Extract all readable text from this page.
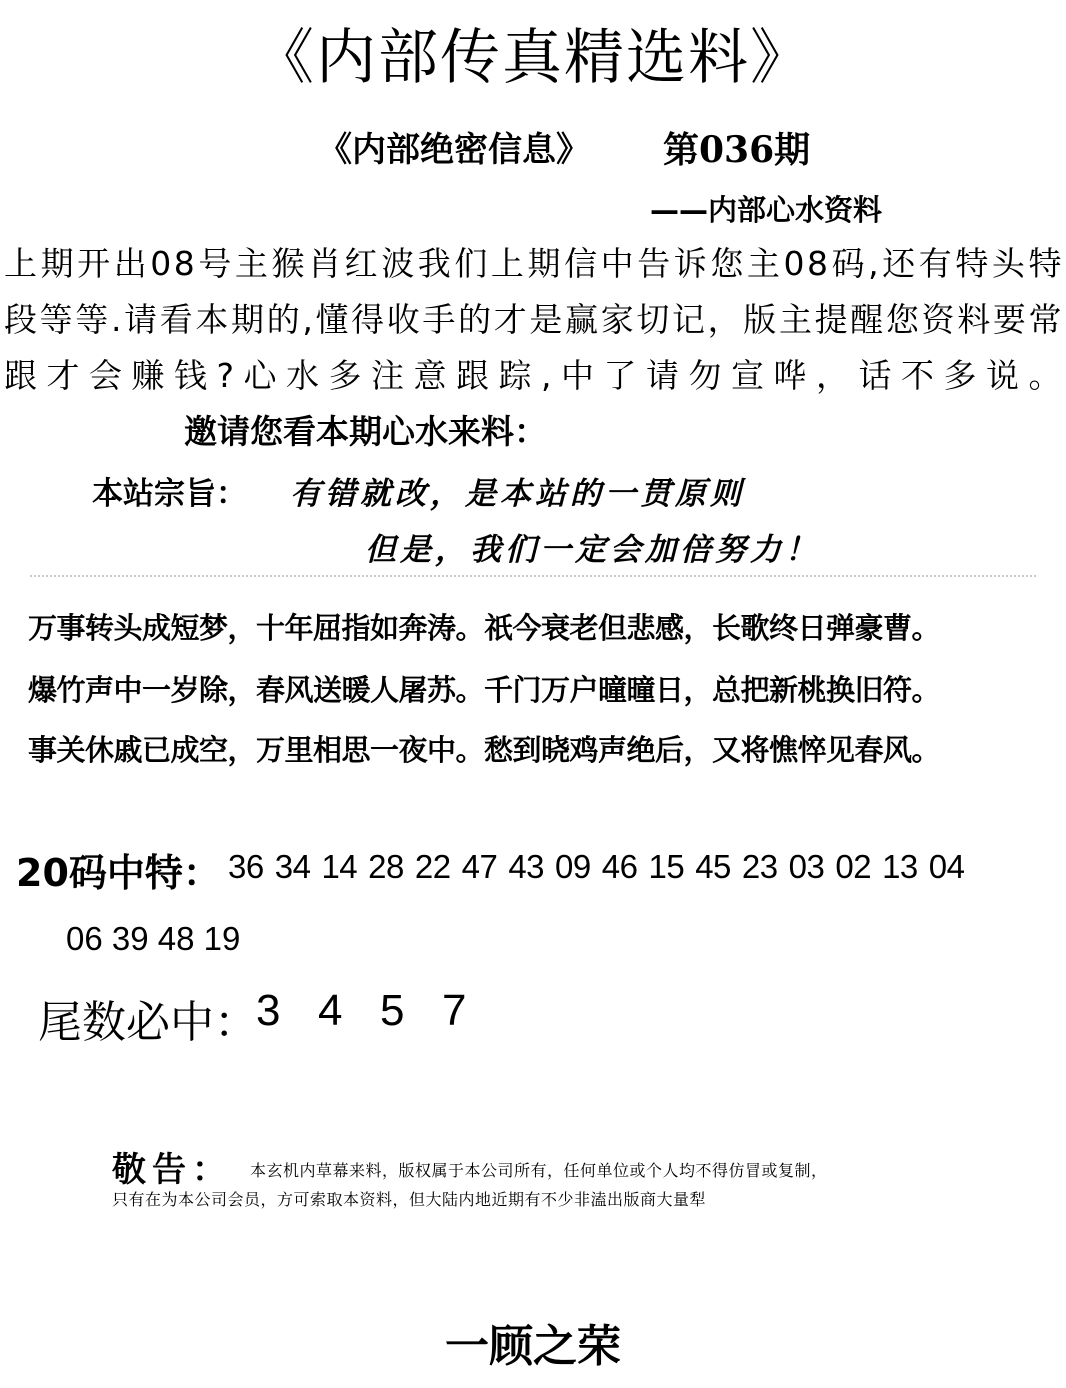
《内部传真精选料》
《内部绝密信息》 第036期
——内部心水资料
上期开出08号主猴肖红波我们上期信中告诉您主08码,还有特头特段等等.请看本期的,懂得收手的才是赢家切记，版主提醒您资料要常跟才会赚钱?心水多注意跟踪,中了请勿宣哗，话不多说。邀请您看本期心水来料：
本站宗旨： 有错就改，是本站的一贯原则
但是，我们一定会加倍努力！
万事转头成短梦，十年屈指如奔涛。祇今衰老但悲感，长歌终日弹豪曹。
爆竹声中一岁除，春风送暖人屠苏。千门万户曈曈日，总把新桃换旧符。
事关休戚已成空，万里相思一夜中。愁到晓鸡声绝后，又将憔悴见春风。
20码中特： 36 34 14 28 22 47 43 09 46 15 45 23 03 02 13 04
06 39 48 19
尾数必中：
3 4 5 7
敬告： 本玄机内草幕来料，版权属于本公司所有，任何单位或个人均不得仿冒或复制，
只有在为本公司会员，方可索取本资料，但大陆内地近期有不少非溘出版商大量犁
一顾之荣
